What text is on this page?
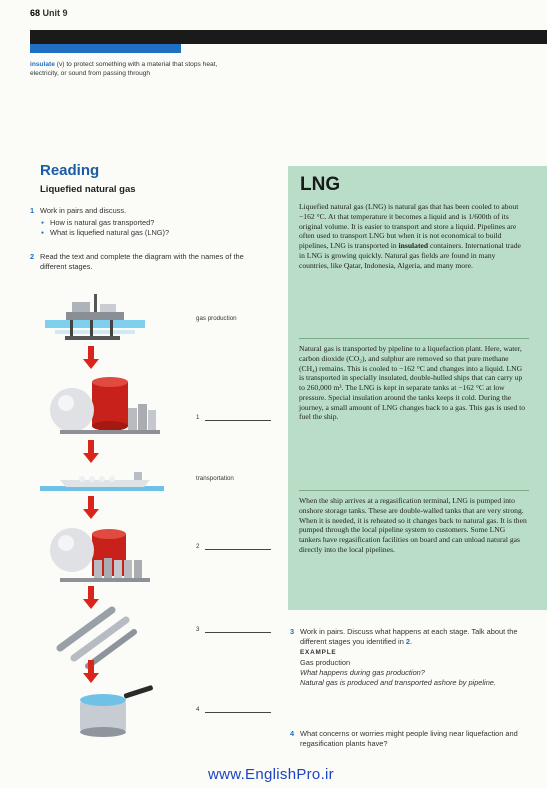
68 Unit 9
insulate (v) to protect something with a material that stops heat, electricity, or sound from passing through
Reading
Liquefied natural gas
1 Work in pairs and discuss.
● How is natural gas transported?
● What is liquefied natural gas (LNG)?
2 Read the text and complete the diagram with the names of the different stages.
gas production
1
transportation
2
3
4
LNG
Liquefied natural gas (LNG) is natural gas that has been cooled to about −162 °C. At that temperature it becomes a liquid and is 1/600th of its original volume. It is easier to transport and store a liquid. Pipelines are often used to transport LNG but when it is not economical to build pipelines, LNG is transported in insulated containers. International trade in LNG is growing quickly. Natural gas fields are found in many countries, like Qatar, Indonesia, Algeria, and many more.
Natural gas is transported by pipeline to a liquefaction plant. Here, water, carbon dioxide (CO₂), and sulphur are removed so that pure methane (CH₄) remains. This is cooled to −162 °C and changes into a liquid. LNG is transported in specially insulated, double-hulled ships that can carry up to 260,000 m³. The LNG is kept in separate tanks at −162 °C at low pressure. Special insulation around the tanks keeps it cold. During the journey, a small amount of LNG changes back to a gas. This gas is used to fuel the ship.
When the ship arrives at a regasification terminal, LNG is pumped into onshore storage tanks. These are double-walled tanks that are very strong. When it is needed, it is reheated so it changes back to natural gas. It is then pumped through the local pipeline system to customers. Some LNG tankers have regasification facilities on board and can unload natural gas directly into the local pipelines.
3 Work in pairs. Discuss what happens at each stage. Talk about the different stages you identified in 2.
EXAMPLE
Gas production
What happens during gas production?
Natural gas is produced and transported ashore by pipeline.
4 What concerns or worries might people living near liquefaction and regasification plants have?
www.EnglishPro.ir
